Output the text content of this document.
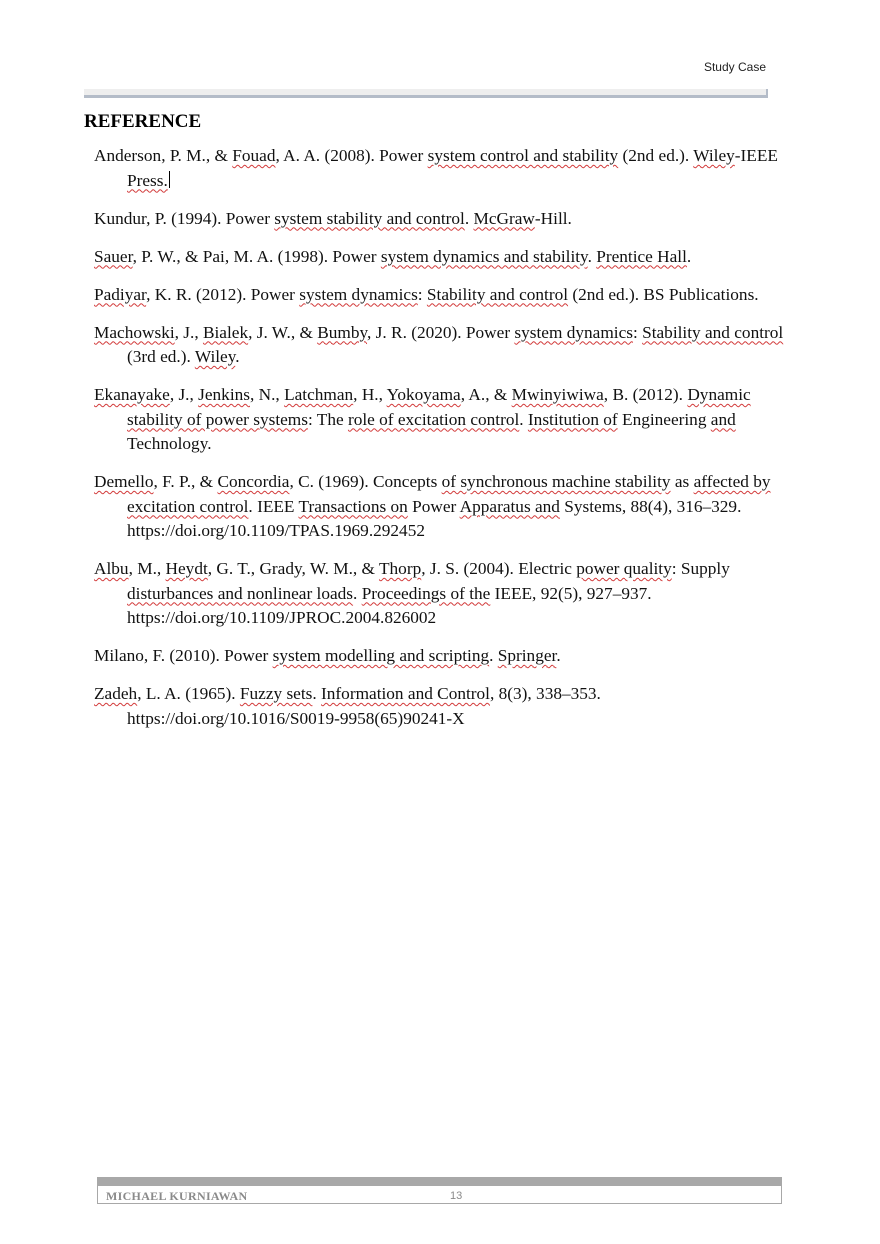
Study Case
REFERENCE

Anderson, P. M., & Fouad, A. A. (2008). Power system control and stability (2nd ed.). Wiley-IEEE Press.

Kundur, P. (1994). Power system stability and control. McGraw-Hill.

Sauer, P. W., & Pai, M. A. (1998). Power system dynamics and stability. Prentice Hall.

Padiyar, K. R. (2012). Power system dynamics: Stability and control (2nd ed.). BS Publications.

Machowski, J., Bialek, J. W., & Bumby, J. R. (2020). Power system dynamics: Stability and control (3rd ed.). Wiley.

Ekanayake, J., Jenkins, N., Latchman, H., Yokoyama, A., & Mwinyiwiwa, B. (2012). Dynamic stability of power systems: The role of excitation control. Institution of Engineering and Technology.

Demello, F. P., & Concordia, C. (1969). Concepts of synchronous machine stability as affected by excitation control. IEEE Transactions on Power Apparatus and Systems, 88(4), 316–329. https://doi.org/10.1109/TPAS.1969.292452

Albu, M., Heydt, G. T., Grady, W. M., & Thorp, J. S. (2004). Electric power quality: Supply disturbances and nonlinear loads. Proceedings of the IEEE, 92(5), 927–937. https://doi.org/10.1109/JPROC.2004.826002

Milano, F. (2010). Power system modelling and scripting. Springer.

Zadeh, L. A. (1965). Fuzzy sets. Information and Control, 8(3), 338–353. https://doi.org/10.1016/S0019-9958(65)90241-X

MICHAEL KURNIAWAN	13
